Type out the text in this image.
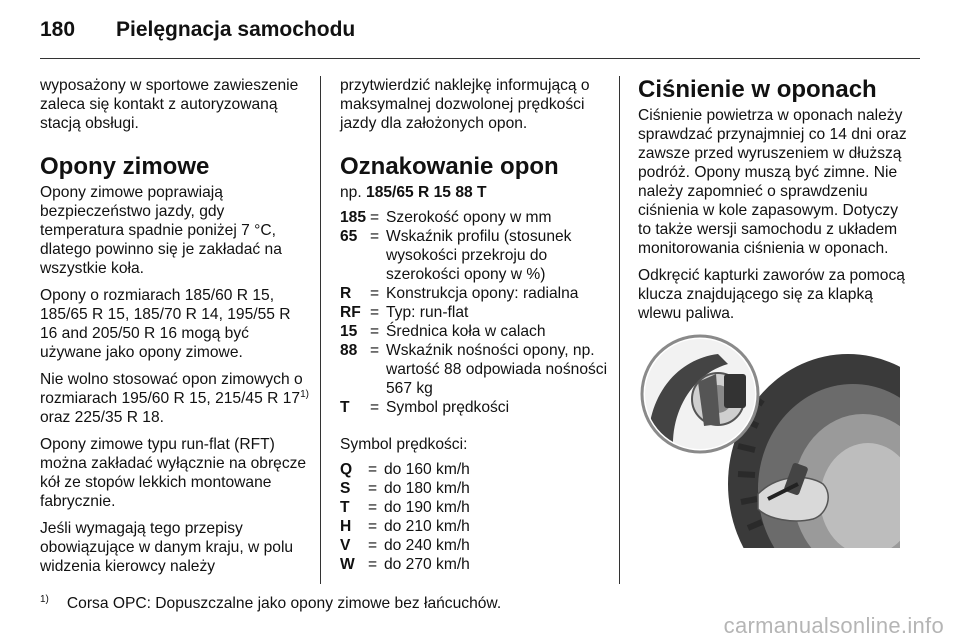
180 Pielęgnacja samochodu

wyposażony w sportowe zawieszenie zaleca się kontakt z autoryzowaną stacją obsługi.

Opony zimowe

Opony zimowe poprawiają bezpieczeństwo jazdy, gdy temperatura spadnie poniżej 7 °C, dlatego powinno się je zakładać na wszystkie koła.

Opony o rozmiarach 185/60 R 15, 185/65 R 15, 185/70 R 14, 195/55 R 16 and 205/50 R 16 mogą być używane jako opony zimowe.

Nie wolno stosować opon zimowych o rozmiarach 195/60 R 15, 215/45 R 17$^{1)}$ oraz 225/35 R 18.

Opony zimowe typu run-flat (RFT) można zakładać wyłącznie na obręcze kół ze stopów lekkich montowane fabrycznie.

Jeśli wymagają tego przepisy obowiązujące w danym kraju, w polu widzenia kierowcy należy

przytwierdzić naklejkę informującą o maksymalnej dozwolonej prędkości jazdy dla założonych opon.

Oznakowanie opon
np. 185/65 R 15 88 T
185 = Szerokość opony w mm
65 = Wskaźnik profilu (stosunek wysokości przekroju do szerokości opony w %)
R	= Konstrukcja opony: radialna
RF = Typ: run-flat
15 = Średnica koła w calach
88 = Wskaźnik nośności opony, np. wartość 88 odpowiada nośności 567 kg
T	= Symbol prędkości
Symbol prędkości:
Q	= do 160 km/h
S	= do 180 km/h
T	= do 190 km/h
H	= do 210 km/h
V	= do 240 km/h
W = do 270 km/h
Ciśnienie w oponach

Ciśnienie powietrza w oponach należy sprawdzać przynajmniej co 14 dni oraz zawsze przed wyruszeniem w dłuższą podróż. Opony muszą być zimne. Nie należy zapomnieć o sprawdzeniu ciśnienia w kole zapasowym. Dotyczy to także wersji samochodu z układem monitorowania ciśnienia w oponach.

Odkręcić kapturki zaworów za pomocą klucza znajdującego się za klapką wlewu paliwa.

$^{1)}$ Corsa OPC: Dopuszczalne jako opony zimowe bez łańcuchów.
carmanualsonline.info
